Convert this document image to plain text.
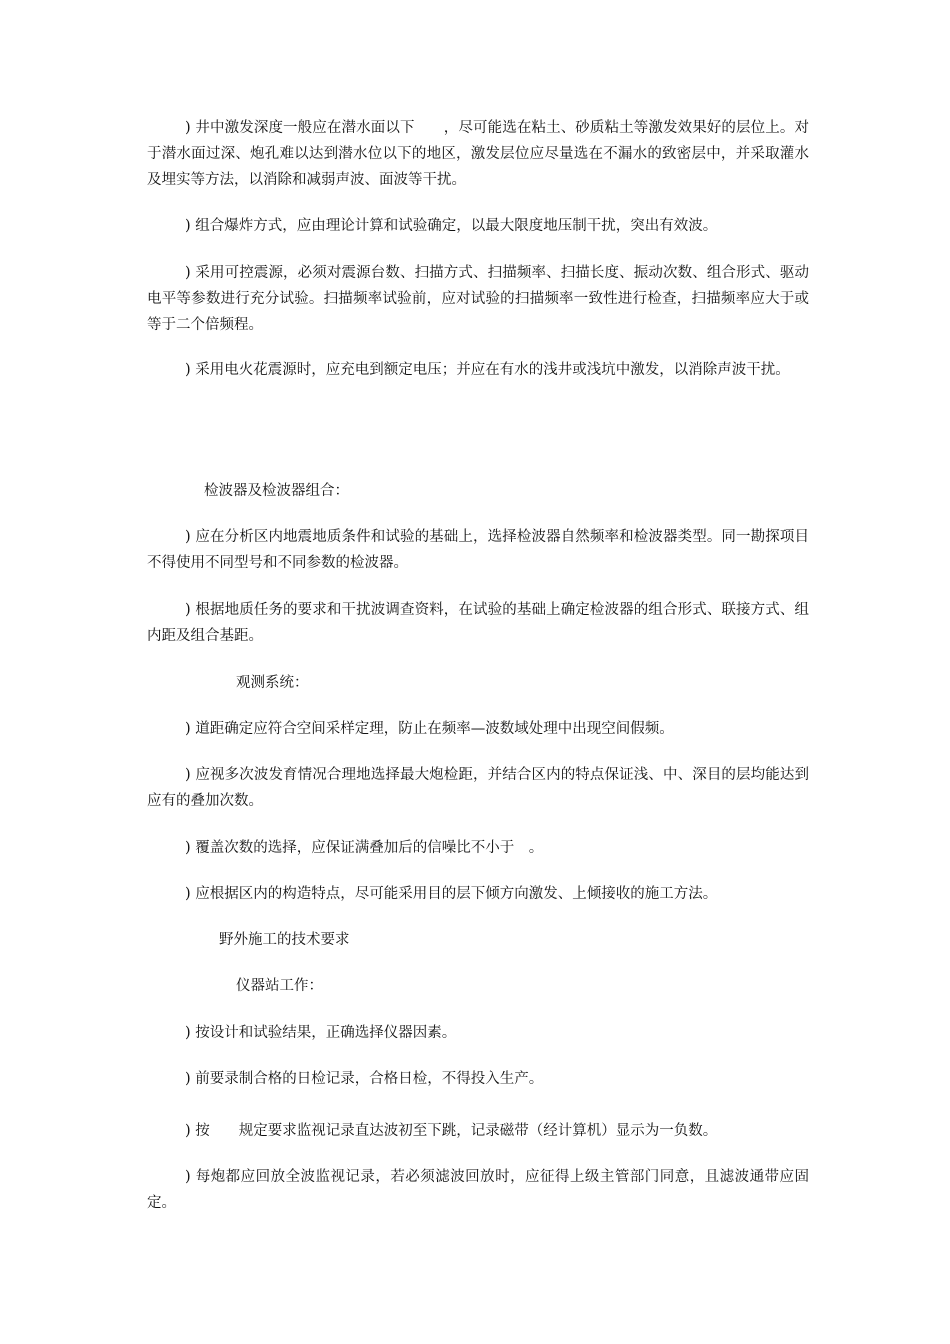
) 井中激发深度一般应在潜水面以下　　，尽可能选在粘土、砂质粘土等激发效果好的层位上。对于潜水面过深、炮孔难以达到潜水位以下的地区，激发层位应尽量选在不漏水的致密层中，并采取灌水及埋实等方法，以消除和减弱声波、面波等干扰。

) 组合爆炸方式，应由理论计算和试验确定，以最大限度地压制干扰，突出有效波。

) 采用可控震源，必须对震源台数、扫描方式、扫描频率、扫描长度、振动次数、组合形式、驱动电平等参数进行充分试验。扫描频率试验前，应对试验的扫描频率一致性进行检查，扫描频率应大于或等于二个倍频程。

) 采用电火花震源时，应充电到额定电压；并应在有水的浅井或浅坑中激发，以消除声波干扰。

检波器及检波器组合：

) 应在分析区内地震地质条件和试验的基础上，选择检波器自然频率和检波器类型。同一勘探项目不得使用不同型号和不同参数的检波器。

) 根据地质任务的要求和干扰波调查资料，在试验的基础上确定检波器的组合形式、联接方式、组内距及组合基距。

观测系统：

) 道距确定应符合空间采样定理，防止在频率—波数域处理中出现空间假频。

) 应视多次波发育情况合理地选择最大炮检距，并结合区内的特点保证浅、中、深目的层均能达到应有的叠加次数。

) 覆盖次数的选择，应保证满叠加后的信噪比不小于　。

) 应根据区内的构造特点，尽可能采用目的层下倾方向激发、上倾接收的施工方法。

野外施工的技术要求

仪器站工作：

) 按设计和试验结果，正确选择仪器因素。

) 前要录制合格的日检记录，合格日检，不得投入生产。

) 按　　规定要求监视记录直达波初至下跳，记录磁带（经计算机）显示为一负数。

) 每炮都应回放全波监视记录，若必须滤波回放时，应征得上级主管部门同意，且滤波通带应固定。
